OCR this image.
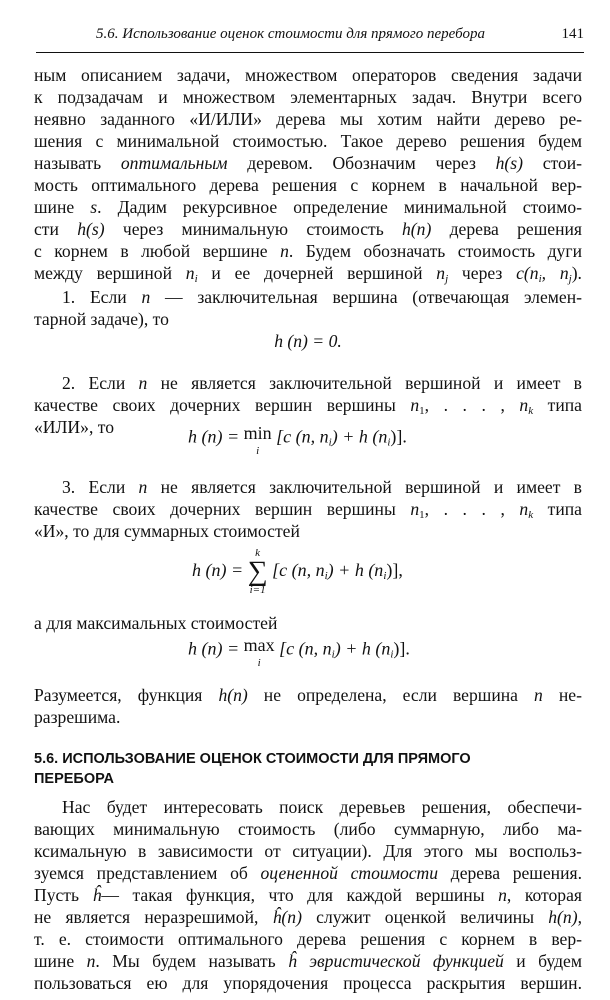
5.6. Использование оценок стоимости для прямого перебора	141
ным описанием задачи, множеством операторов сведения задачи
к подзадачам и множеством элементарных задач. Внутри всего
неявно заданного «И/ИЛИ» дерева мы хотим найти дерево ре-
шения с минимальной стоимостью. Такое дерево решения будем
называть оптимальным деревом. Обозначим через h(s) стои-
мость оптимального дерева решения с корнем в начальной вер-
шине s. Дадим рекурсивное определение минимальной стоимо-
сти h(s) через минимальную стоимость h(n) дерева решения
с корнем в любой вершине n. Будем обозначать стоимость дуги
между вершиной $n_i$ и ее дочерней вершиной $n_j$ через $c(n_i$, $n_j$).
1. Если n — заключительная вершина (отвечающая элемен-
тарной задаче), то
h (n) = 0.
2. Если n не является заключительной вершиной и имеет в
качестве своих дочерних вершин вершины $n_1$, . . . , $n_k$ типа
«ИЛИ», то	h (n) = min
i
[c (n, $n_i) + h$ $(n_i)$].
3. Если n не является заключительной вершиной и имеет в
качестве своих дочерних вершин вершины $n_1$, . . . , $n_k$ типа
«И», то для суммарных стоимостей
h (n) =
k
∑
i=1
[c (n, $n_i) + h$ $(n_i)$],
а для максимальных стоимостей
h (n) = max
i
[c (n, $n_i) + h$ $(n_i)$].
Разумеется, функция h(n) не определена, если вершина n не-
разрешима.
5.6. ИСПОЛЬЗОВАНИЕ ОЦЕНОК СТОИМОСТИ ДЛЯ ПРЯМОГО
ПЕРЕБОРА
Нас будет интересовать поиск деревьев решения, обеспечи-
вающих минимальную стоимость (либо суммарную, либо ма-
ксимальную в зависимости от ситуации). Для этого мы воспольз-
зуемся представлением об оцененной стоимости дерева решения.
Пусть ĥ— такая функция, что для каждой вершины n, которая
не является неразрешимой, ĥ(n) служит оценкой величины h(n),
т. е. стоимости оптимального дерева решения с корнем в вер-
шине n. Мы будем называть ĥ эвристической функцией и будем
пользоваться ею для упорядочения процесса раскрытия вершин.
